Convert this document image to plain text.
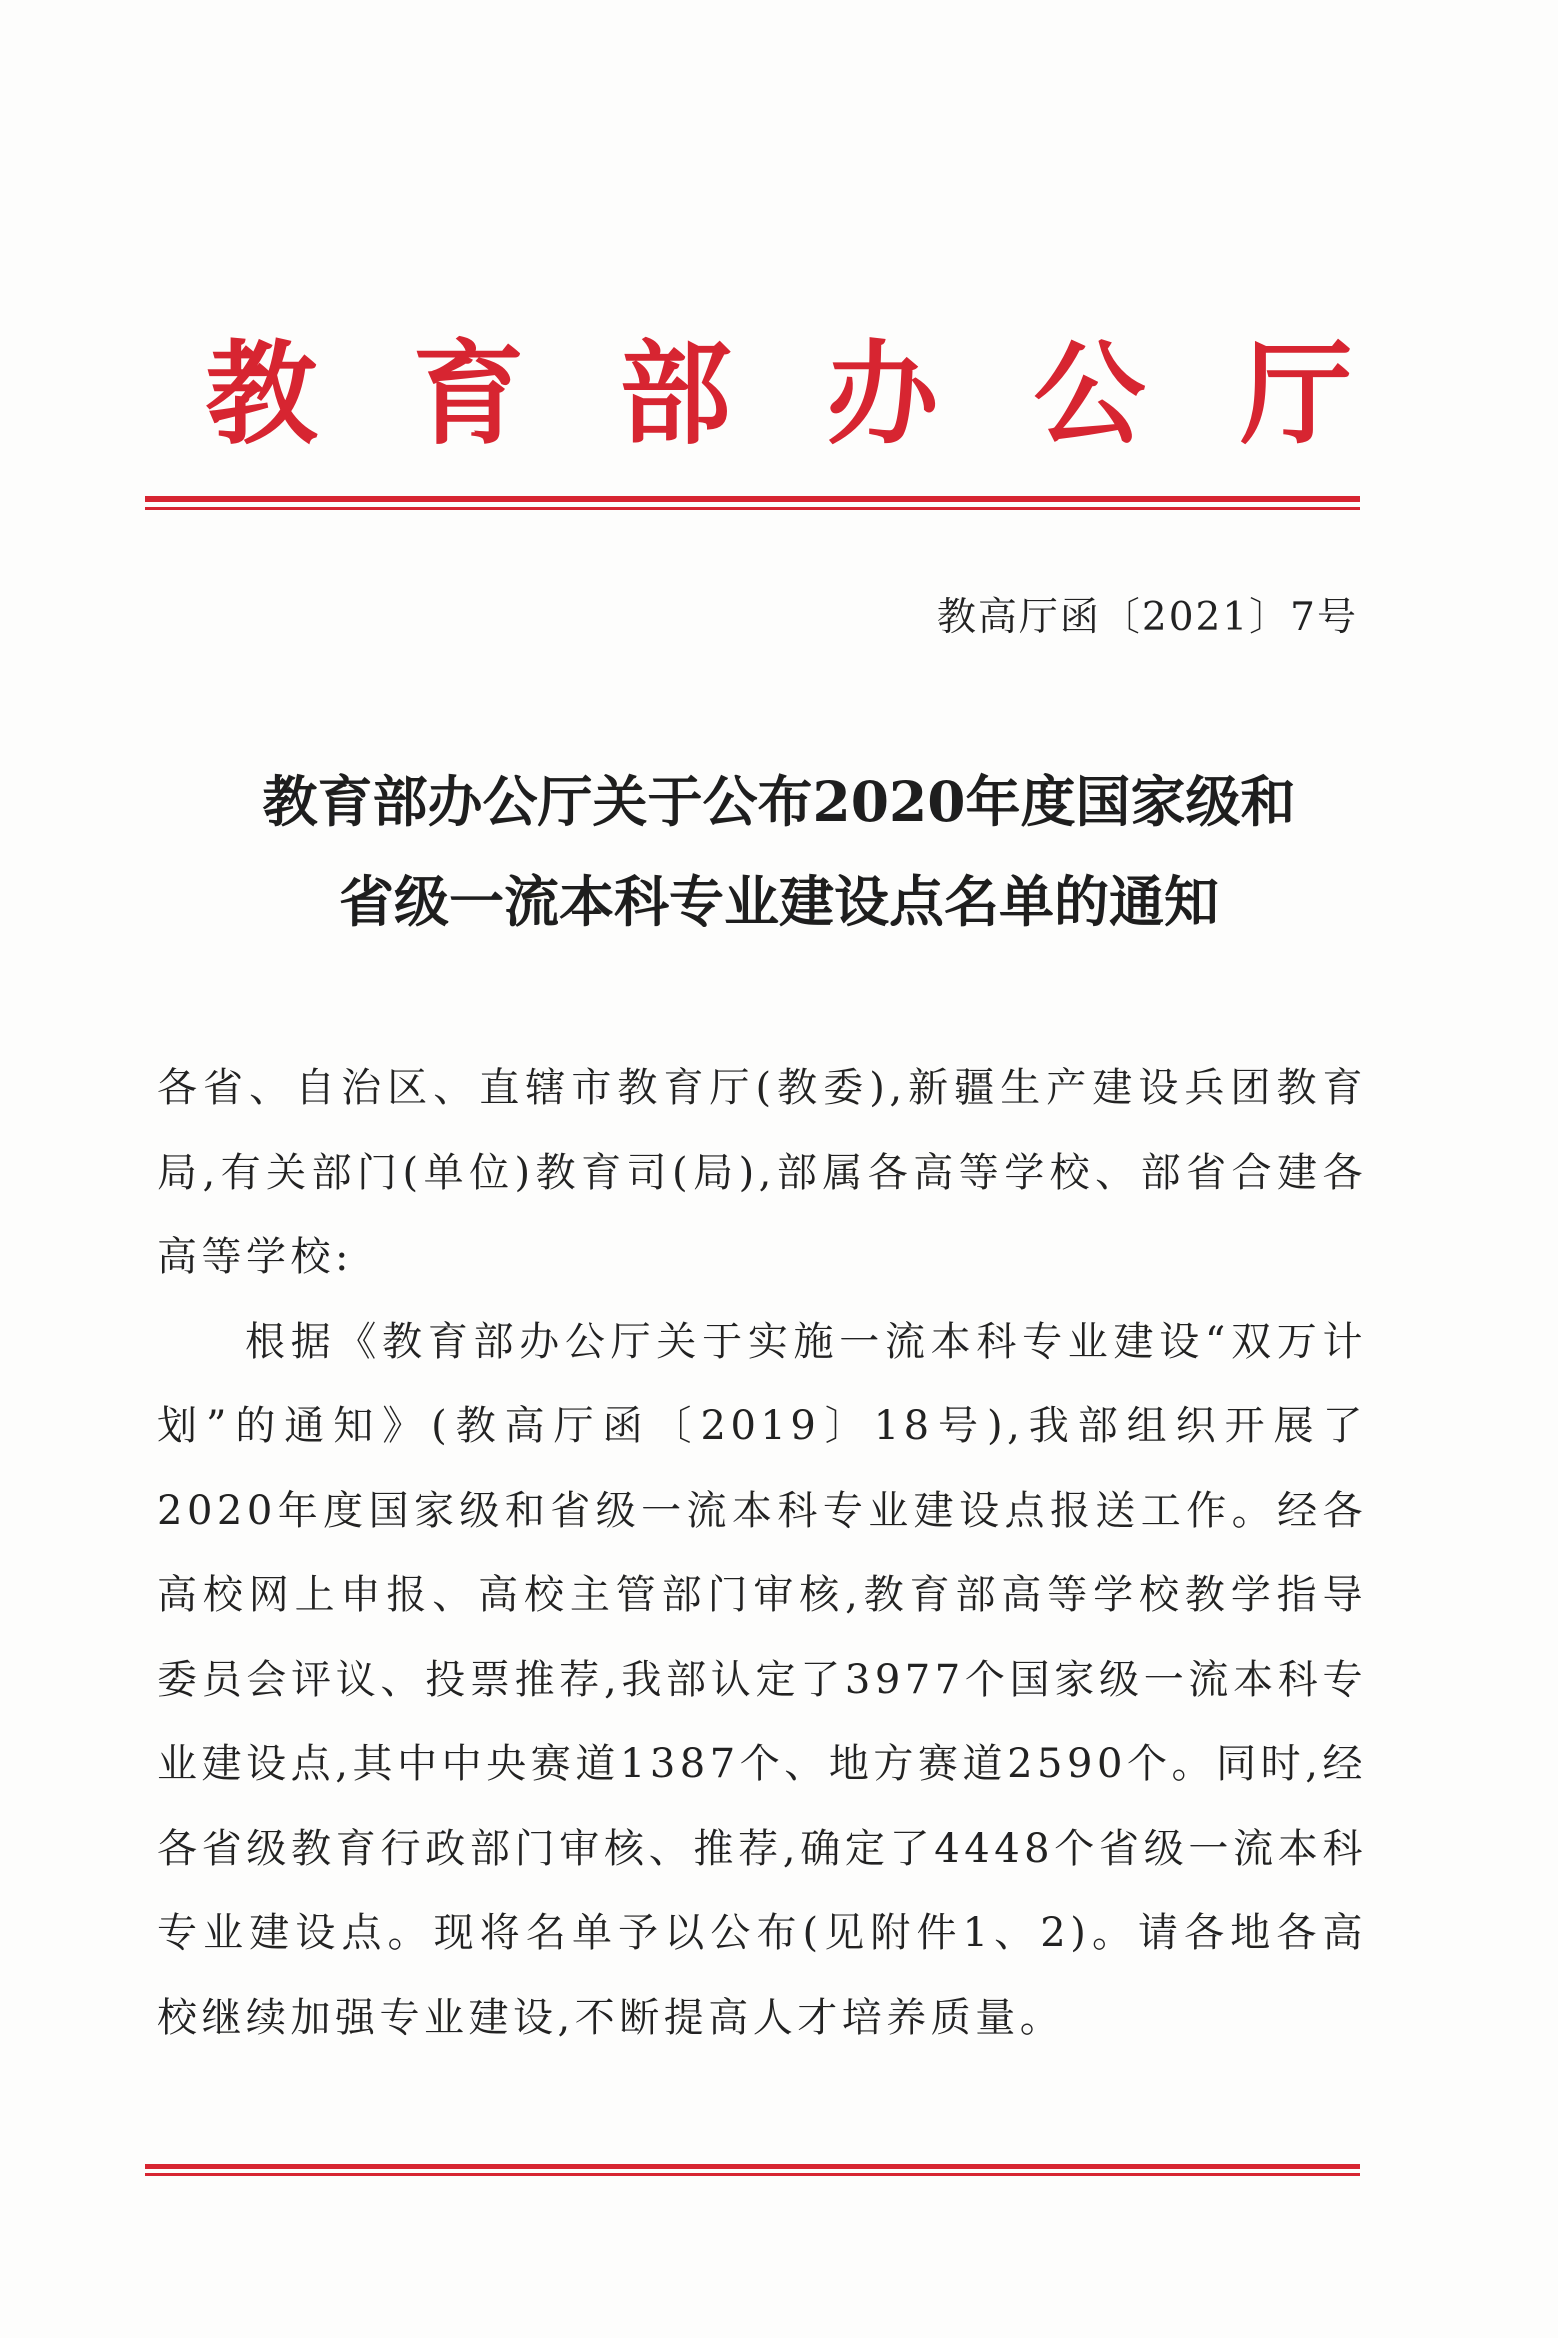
教育部办公厅
教高厅函〔2021〕7号
教育部办公厅关于公布2020年度国家级和
省级一流本科专业建设点名单的通知

各省、自治区、直辖市教育厅(教委),新疆生产建设兵团教育局,有关部门(单位)教育司(局),部属各高等学校、部省合建各高等学校:

根据《教育部办公厅关于实施一流本科专业建设“双万计划”的通知》(教高厅函〔2019〕18号),我部组织开展了2020年度国家级和省级一流本科专业建设点报送工作。经各高校网上申报、高校主管部门审核,教育部高等学校教学指导委员会评议、投票推荐,我部认定了3977个国家级一流本科专业建设点,其中中央赛道1387个、地方赛道2590个。同时,经各省级教育行政部门审核、推荐,确定了4448个省级一流本科专业建设点。现将名单予以公布(见附件1、2)。请各地各高校继续加强专业建设,不断提高人才培养质量。
